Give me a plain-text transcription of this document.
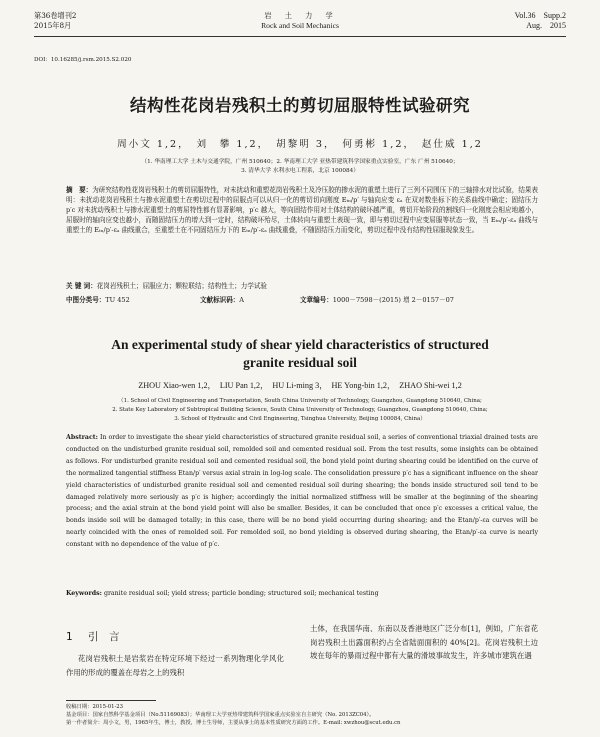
第36卷增刊2
2015年8月
岩　土　力　学
Rock and Soil Mechanics
Vol.36　Supp.2
Aug.　2015
DOI：10.16285/j.rsm.2015.S2.020
结构性花岗岩残积土的剪切屈服特性试验研究
周小文 1,2，　刘　攀 1,2，　胡黎明 3，　何勇彬 1,2，　赵仕威 1,2
（1. 华南理工大学 土木与交通学院，广州 510640；2. 华南理工大学 亚热带建筑科学国家重点实验室，广东 广州 510640；
3. 清华大学 水利水电工程系，北京 100084）
摘　要：为研究结构性花岗岩残积土的剪切屈服特性，对未扰动和重塑花岗岩残积土及冷压胶的掺水泥的重塑土进行了三列不同围压下的三轴排水对比试验，结果表明：未扰动花岗岩残积土与掺水泥重塑土在剪切过程中的屈服点可以从归一化的剪切切向刚度 Eₜₙ/p′ 与轴向应变 εₐ 在双对数坐标下的关系曲线中确定；固结压力 p′c 对未扰动残积土与掺水泥重塑土的剪屈特性都有显著影响，p′c 越大，等向固结作用对土体结构的破坏越严重，剪切开始阶段的割线归一化刚度会相应地越小，屈服时的轴向应变也越小，而随固结压力的增大到一定时，结构破坏殆尽，土体转向与重塑土表现一致，即与剪切过程中应变屈服等状态一致，当 Eₜₙ/p′-εₐ 曲线与重塑土的 Eₜₙ/p′-εₐ 曲线重合，至重塑土在不同固结压力下的 Eₜₙ/p′-εₐ 曲线重叠，不随固结压力而变化，剪切过程中没有结构性屈服现象发生。
关 键 词：花岗岩残积土；屈服应力；颗粒联结；结构性土；力学试验
中图分类号：TU 452	文献标识码：A	文章编号：1000－7598－(2015) 增 2－0157－07
An experimental study of shear yield characteristics of structured
granite residual soil
ZHOU Xiao-wen 1,2，　LIU Pan 1,2，　HU Li-ming 3，　HE Yong-bin 1,2，　ZHAO Shi-wei 1,2
（1. School of Civil Engineering and Transportation, South China University of Technology, Guangzhou, Guangdong 510640, China;
2. State Key Laboratory of Subtropical Building Science, South China University of Technology, Guangzhou, Guangdong 510640, China;
3. School of Hydraulic and Civil Engineering, Tsinghua University, Beijing 100084, China）
Abstract: In order to investigate the shear yield characteristics of structured granite residual soil, a series of conventional triaxial drained tests are conducted on the undisturbed granite residual soil, remolded soil and cemented residual soil. From the test results, some insights can be obtained as follows. For undisturbed granite residual soil and cemented residual soil, the bond yield point during shearing could be identified on the curve of the normalized tangential stiffness Etan/p′ versus axial strain in log-log scale. The consolidation pressure p′c has a significant influence on the shear yield characteristics of undisturbed granite residual soil and cemented residual soil during shearing; the bonds inside structured soil tend to be damaged relatively more seriously as p′c is higher; accordingly the initial normalized stiffness will be smaller at the beginning of the shearing process; and the axial strain at the bond yield point will also be smaller. Besides, it can be concluded that once p′c excesses a critical value, the bonds inside soil will be damaged totally; in this case, there will be no bond yield occurring during shearing; and the Etan/p′-εa curves will be nearly coincided with the ones of remolded soil. For remolded soil, no bond yielding is observed during shearing, the Etan/p′-εa curve is nearly constant with no dependence of the value of p′c.
Keywords: granite residual soil; yield stress; particle bonding; structured soil; mechanical testing
1 引　言
花岗岩残积土是岩浆岩在特定环境下经过一系列物理化学风化作用的形成的覆盖在母岩之上的残积
土体，在我国华南、东南以及香港地区广泛分布[1]，例如，广东省花岗岩残积土出露面积约占全省陆面面积的 40%[2]。花岗岩残积土边坡在每年的暴雨过程中都有大量的滑坡事故发生，许多城市建筑在遇
收稿日期：2015-01-23
基金项目：国家自然科学基金项目（No.51169083）；华南理工大学亚热带建筑科学国家重点实验室自主研究（No. 2013ZC04）。
第一作者简介：周小文，男，1965年生，博士，教授，博士生导师，主要从事土的基本性质研究方面的工作。E-mail: xwzhou@scut.edu.cn
